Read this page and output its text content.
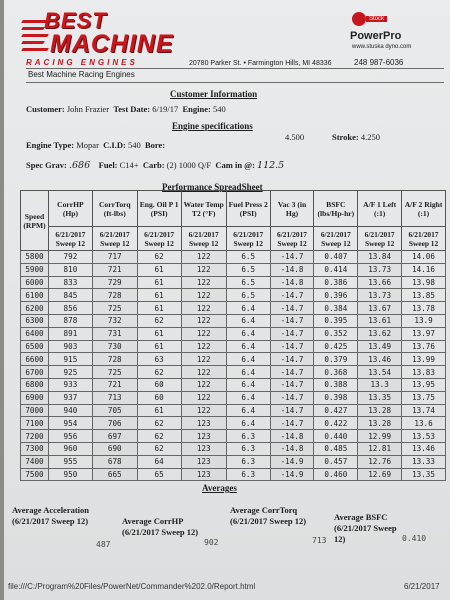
BEST
MACHINE
RACING ENGINES
Stock
PowerPro
www.stuska dyno.com
20780 Parker St. • Farmington Hills, MI 48336	248 987-6036
Best Machine Racing Engines
Customer Information
Customer: John Frazier Test Date: 6/19/17 Engine: 540
Engine specifications
Engine Type: Mopar C.I.D: 540 Bore:
4.500	Stroke: 4.250
Spec Grav: .686 Fuel: C14+ Carb: (2) 1000 Q/F Cam in @: 112.5
Performance SpreadSheet
Speed (RPM)	CorrHP (Hp)	CorrTorq (ft-lbs)	Eng. Oil P 1 (PSI)	Water Temp T2 (°F)	Fuel Press 2 (PSI)	Vac 3 (in Hg)	BSFC (lbs/Hp-hr)	A/F 1 Left (:1)	A/F 2 Right (:1)
	6/21/2017 Sweep 12	6/21/2017 Sweep 12	6/21/2017 Sweep 12	6/21/2017 Sweep 12	6/21/2017 Sweep 12	6/21/2017 Sweep 12	6/21/2017 Sweep 12	6/21/2017 Sweep 12	6/21/2017 Sweep 12
5800	792	717	62	122	6.5	-14.7	0.407	13.84	14.06
5900	810	721	61	122	6.5	-14.8	0.414	13.73	14.16
6000	833	729	61	122	6.5	-14.8	0.386	13.66	13.98
6100	845	728	61	122	6.5	-14.7	0.396	13.73	13.85
6200	856	725	61	122	6.4	-14.7	0.384	13.67	13.78
6300	878	732	62	122	6.4	-14.7	0.395	13.61	13.9
6400	891	731	61	122	6.4	-14.7	0.352	13.62	13.97
6500	903	730	61	122	6.4	-14.7	0.425	13.49	13.76
6600	915	728	63	122	6.4	-14.7	0.379	13.46	13.99
6700	925	725	62	122	6.4	-14.7	0.368	13.54	13.83
6800	933	721	60	122	6.4	-14.7	0.388	13.3	13.95
6900	937	713	60	122	6.4	-14.7	0.398	13.35	13.75
7000	940	705	61	122	6.4	-14.7	0.427	13.28	13.74
7100	954	706	62	123	6.4	-14.7	0.422	13.28	13.6
7200	956	697	62	123	6.3	-14.8	0.440	12.99	13.53
7300	960	690	62	123	6.3	-14.8	0.485	12.81	13.46
7400	955	678	64	123	6.3	-14.9	0.457	12.76	13.33
7500	950	665	65	123	6.3	-14.9	0.460	12.69	13.35
Averages
Average Acceleration (6/21/2017 Sweep 12)
487
Average CorrHP (6/21/2017 Sweep 12)
902
Average CorrTorq (6/21/2017 Sweep 12)
713
Average BSFC (6/21/2017 Sweep 12)	0.410
file:///C:/Program%20Files/PowerNet/Commander%202.0/Report.html	6/21/2017
